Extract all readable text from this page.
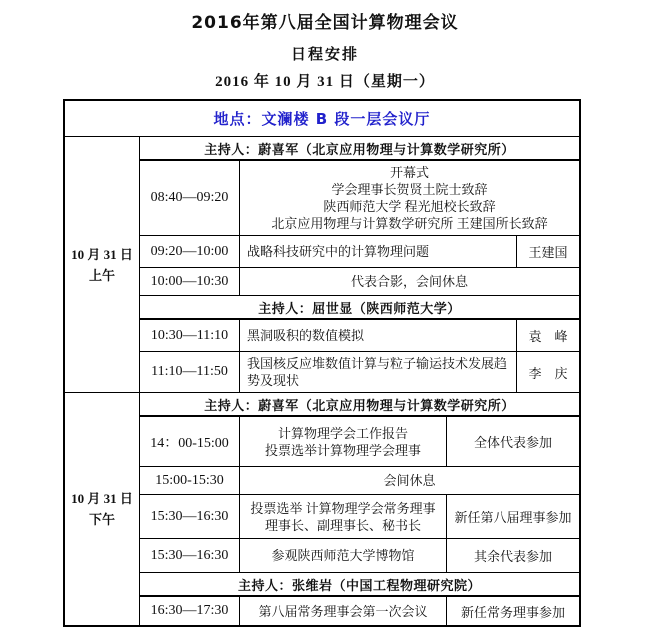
2016年第八届全国计算物理会议
日程安排
2016 年 10 月 31 日（星期一）
地点：文澜楼 B 段一层会议厅
10 月 31 日
上午
主持人：蔚喜军（北京应用物理与计算数学研究所）
08:40—09:20
开幕式
学会理事长贺贤土院士致辞
陕西师范大学 程光旭校长致辞
北京应用物理与计算数学研究所 王建国所长致辞
09:20—10:00	战略科技研究中的计算物理问题	王建国
10:00—10:30	代表合影，会间休息
主持人：屈世显（陕西师范大学）
10:30—11:10	黑洞吸积的数值模拟	袁　峰
11:10—11:50
我国核反应堆数值计算与粒子输运技术发展趋势及现状	李　庆
10 月 31 日
下午
主持人：蔚喜军（北京应用物理与计算数学研究所）
14：00-15:00
计算物理学会工作报告
投票选举计算物理学会理事	全体代表参加
15:00-15:30	会间休息
15:30—16:30
投票选举 计算物理学会常务理事
理事长、副理事长、秘书长	新任第八届理事参加
15:30—16:30	参观陕西师范大学博物馆	其余代表参加
主持人：张维岩（中国工程物理研究院）
16:30—17:30	第八届常务理事会第一次会议	新任常务理事参加
